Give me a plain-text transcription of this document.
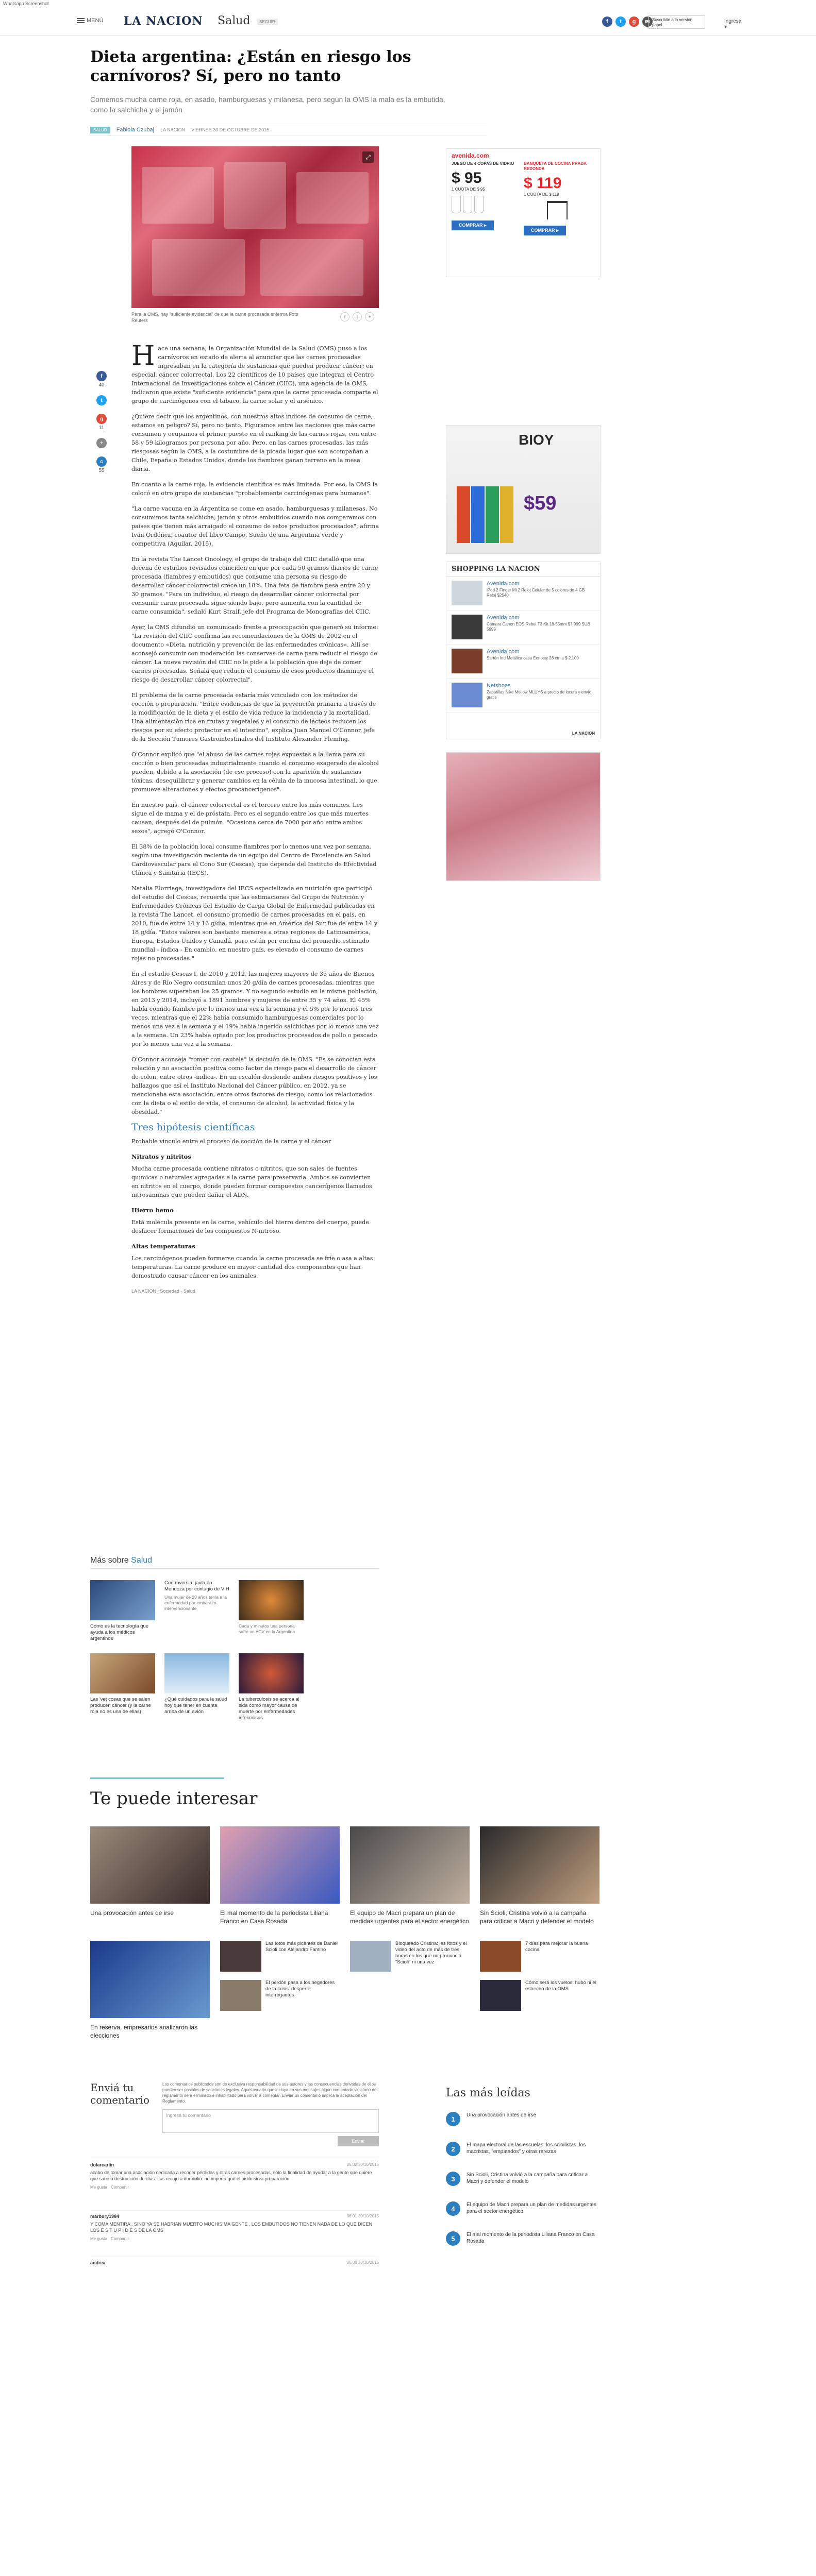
Whatsapp Screenshot
MENÚ LA NACION Salud	SEGUIR	f	t	g	✉ Suscribite a la versión papel
Ingresá ▾
Dieta argentina: ¿Están en riesgo los carnívoros? Sí, pero no tanto

Comemos mucha carne roja, en asado, hamburguesas y milanesa, pero según la OMS la mala es la embutida, como la salchicha y el jamón

SALUD	Fabiola Czubaj LA NACION VIERNES 30 DE OCTUBRE DE 2015
⤢
Para la OMS, hay "suficiente evidencia" de que la carne procesada enferma Foto Reuters
f	t	+
f
40
t
g
11
+
c
55

Hace una semana, la Organización Mundial de la Salud (OMS) puso a los carnívoros en estado de alerta al anunciar que las carnes procesadas ingresaban en la categoría de sustancias que pueden producir cáncer; en especial, cáncer colorrectal. Los 22 científicos de 10 países que integran el Centro Internacional de Investigaciones sobre el Cáncer (CIIC), una agencia de la OMS, indicaron que existe "suficiente evidencia" para que la carne procesada comparta el grupo de carcinógenos con el tabaco, la carne solar y el arsénico.

¿Quiere decir que los argentinos, con nuestros altos índices de consumo de carne, estamos en peligro? Sí, pero no tanto. Figuramos entre las naciones que más carne consumen y ocupamos el primer puesto en el ranking de las carnes rojas, con entre 58 y 59 kilogramos por persona por año. Pero, en las carnes procesadas, las más riesgosas según la OMS, a la costumbre de la picada lugar que son acompañan a Chile, España o Estados Unidos, donde los fiambres ganan terreno en la mesa diaria.

En cuanto a la carne roja, la evidencia científica es más limitada. Por eso, la OMS la colocó en otro grupo de sustancias "probablemente carcinógenas para humanos".

"La carne vacuna en la Argentina se come en asado, hamburguesas y milanesas. No consumimos tanta salchicha, jamón y otros embutidos cuando nos comparamos con países que tienen más arraigado el consumo de estos productos procesados", afirma Iván Ordóñez, coautor del libro Campo. Sueño de una Argentina verde y competitiva (Aguilar, 2015).

En la revista The Lancet Oncology, el grupo de trabajo del CIIC detalló que una decena de estudios revisados coinciden en que por cada 50 gramos diarios de carne procesada (fiambres y embutidos) que consume una persona su riesgo de desarrollar cáncer colorrectal crece un 18%. Una feta de fiambre pesa entre 20 y 30 gramos. "Para un individuo, el riesgo de desarrollar cáncer colorrectal por consumir carne procesada sigue siendo bajo, pero aumenta con la cantidad de carne consumida", señaló Kurt Straif, jefe del Programa de Monografías del CIIC.

Ayer, la OMS difundió un comunicado frente a preocupación que generó su informe: "La revisión del CIIC confirma las recomendaciones de la OMS de 2002 en el documento «Dieta, nutrición y prevención de las enfermedades crónicas». Allí se aconsejó consumir con moderación las conservas de carne para reducir el riesgo de cáncer. La nueva revisión del CIIC no le pide a la población que deje de comer carnes procesadas. Señala que reducir el consumo de esos productos disminuye el riesgo de desarrollar cáncer colorrectal".

El problema de la carne procesada estaría más vinculado con los métodos de cocción o preparación. "Entre evidencias de que la prevención primaria a través de la modificación de la dieta y el estilo de vida reduce la incidencia y la mortalidad. Una alimentación rica en frutas y vegetales y el consumo de lácteos reducen los riesgos por su efecto protector en el intestino", explica Juan Manuel O'Connor, jefe de la Sección Tumores Gastrointestinales del Instituto Alexander Fleming.

O'Connor explicó que "el abuso de las carnes rojas expuestas a la llama para su cocción o bien procesadas industrialmente cuando el consumo exagerado de alcohol pueden, debido a la asociación (de ese proceso) con la aparición de sustancias tóxicas, desequilibrar y generar cambios en la célula de la mucosa intestinal, lo que promueve alteraciones y efectos procancerígenos".

En nuestro país, el cáncer colorrectal es el tercero entre los más comunes. Les sigue el de mama y el de próstata. Pero es el segundo entre los que más muertes causan, después del de pulmón. "Ocasiona cerca de 7000 por año entre ambos sexos", agregó O'Connor.

El 38% de la población local consume fiambres por lo menos una vez por semana, según una investigación reciente de un equipo del Centro de Excelencia en Salud Cardiovascular para el Cono Sur (Cescas), que depende del Instituto de Efectividad Clínica y Sanitaria (IECS).

Natalia Elorriaga, investigadora del IECS especializada en nutrición que participó del estudio del Cescas, recuerda que las estimaciones del Grupo de Nutrición y Enfermedades Crónicas del Estudio de Carga Global de Enfermedad publicadas en la revista The Lancet, el consumo promedio de carnes procesadas en el país, en 2010, fue de entre 14 y 16 g/día, mientras que en América del Sur fue de entre 14 y 18 g/día. "Estos valores son bastante menores a otras regiones de Latinoamérica, Europa, Estados Unidos y Canadá, pero están por encima del promedio estimado mundial - índica - En cambio, en nuestro país, es elevado el consumo de carnes rojas no procesadas."

En el estudio Cescas I, de 2010 y 2012, las mujeres mayores de 35 años de Buenos Aires y de Río Negro consumían unos 20 g/día de carnes procesadas, mientras que los hombres superaban los 25 gramos. Y no segundo estudio en la misma población, en 2013 y 2014, incluyó a 1891 hombres y mujeres de entre 35 y 74 años. El 45% había comido fiambre por lo menos una vez a la semana y el 5% por lo menos tres veces, mientras que el 22% había consumido hamburguesas comerciales por lo menos una vez a la semana y el 19% había ingerido salchichas por lo menos una vez a la semana. Un 23% había optado por los productos procesados de pollo o pescado por lo menos una vez a la semana.

O'Connor aconseja "tomar con cautela" la decisión de la OMS. "Es se conocían esta relación y no asociación positiva como factor de riesgo para el desarrollo de cáncer de colon, entre otros -indica-. En un escalón dosdonde ambos riesgos positivos y los hallazgos que así el Instituto Nacional del Cáncer público, en 2012, ya se mencionaba esta asociación, entre otros factores de riesgo, como los relacionados con la dieta o el estilo de vida, el consumo de alcohol, la actividad física y la obesidad."

Tres hipótesis científicas

Probable vínculo entre el proceso de cocción de la carne y el cáncer

Nitratos y nitritos

Mucha carne procesada contiene nitratos o nitritos, que son sales de fuentes químicas o naturales agregadas a la carne para preservarla. Ambos se convierten en nitritos en el cuerpo, donde pueden formar compuestos cancerígenos llamados nitrosaminas que pueden dañar el ADN.

Hierro hemo

Está molécula presente en la carne, vehículo del hierro dentro del cuerpo, puede desfacer formaciones de los compuestos N-nitroso.

Altas temperaturas

Los carcinógenos pueden formarse cuando la carne procesada se fríe o asa a altas temperaturas. La carne produce en mayor cantidad dos componentes que han demostrado causar cáncer en los animales.

LA NACION | Sociedad · Salud
avenida.com
JUEGO DE 4 COPAS DE VIDRIO
$ 95
1 CUOTA DE $ 95
COMPRAR ▸
BANQUETA DE COCINA PRADA REDONDA
$ 119
1 CUOTA DE $ 119
COMPRAR ▸
BIOY
$59
SHOPPING LA NACION
Avenida.com
iPod 2 Finger Mi 2 Reloj Celular de 5 colores de 4 GB Reloj $2540
Avenida.com
Cámara Canon EOS Rebel T3 Kit 18-55mm $7.999 SUB 5999
Avenida.com
Sartén Ind Metálica casa Eonosty 28 cm a $ 2.100
Netshoes
Zapatillas Nike Mellow MLUYS a precio de locura y envío gratis
LA NACION
Más sobre Salud
Cómo es la tecnología que ayuda a los médicos argentinos
Controversia: jaula en Mendoza por contagio de VIH
Una mujer de 20 años tenía a la enfermedad por embarazo intervencionante
Cada y minutos una persona sufre un ACV en la Argentina
Las 'vet cosas que se salen producen cáncer (y la carne roja no es una de ellas)
¿Qué cuidados para la salud hoy que tener en cuenta arriba de un avión
La tuberculosis se acerca al sida como mayor causa de muerte por enfermedades infecciosas
Te puede interesar
Una provocación antes de irse	El mal momento de la periodista Liliana Franco en Casa Rosada
El equipo de Macri prepara un plan de medidas urgentes para el sector energético
Sin Scioli, Cristina volvió a la campaña para criticar a Macri y defender el modelo
En reserva, empresarios analizaron las elecciones
Las fotos más picantes de Daniel Scioli con Alejandro Fantino
El perdón pasa a los negadores de la crisis: desperté interrogantes
Bloqueado Cristina: las fotos y el video del acto de más de tres horas en los que no pronunció "Scioli" ni una vez
7 días para mejorar la buena cocina
Cómo será los vuelos: hubo ni el estrecho de la OMS
Enviá tu comentario
Los comentarios publicados son de exclusiva responsabilidad de sus autores y las consecuencias derivadas de ellos pueden ser pasibles de sanciones legales. Aquel usuario que incluya en sus mensajes algún comentario violatorio del reglamento será eliminado e inhabilitado para volver a comentar. Enviar un comentario implica la aceptación del Reglamento.
Ingresá tu comentario
Enviar
dolarcarlin	06.02 30/10/2015
acabo de tomar una asociación dedicada a recoger pérdidas y otras carnes procesadas, sólo la finalidad de ayudar a la gente que quiere que sano a destrucción de días. Las recojo a domicilio. no importa qué el pisito sirva preparación
Me gusta · Compartir
marbury1984	06.01 30/10/2015
Y COMA MENTIRA , SINO YA SE HABRIAN MUERTO MUCHISIMA GENTE , LOS EMBUTIDOS NO TIENEN NADA DE LO QUE DICEN LOS E S T U P I D E S DE LA OMS
Me gusta · Compartir
andrea	06.00 30/10/2015
Las más leídas
1	Una provocación antes de irse
2	El mapa electoral de las escuelas: los scioilistas, los macristas, "empatados" y otras rarezas
3	Sin Scioli, Cristina volvió a la campaña para criticar a Macri y defender el modelo
4	El equipo de Macri prepara un plan de medidas urgentes para el sector energético
5	El mal momento de la periodista Liliana Franco en Casa Rosada
